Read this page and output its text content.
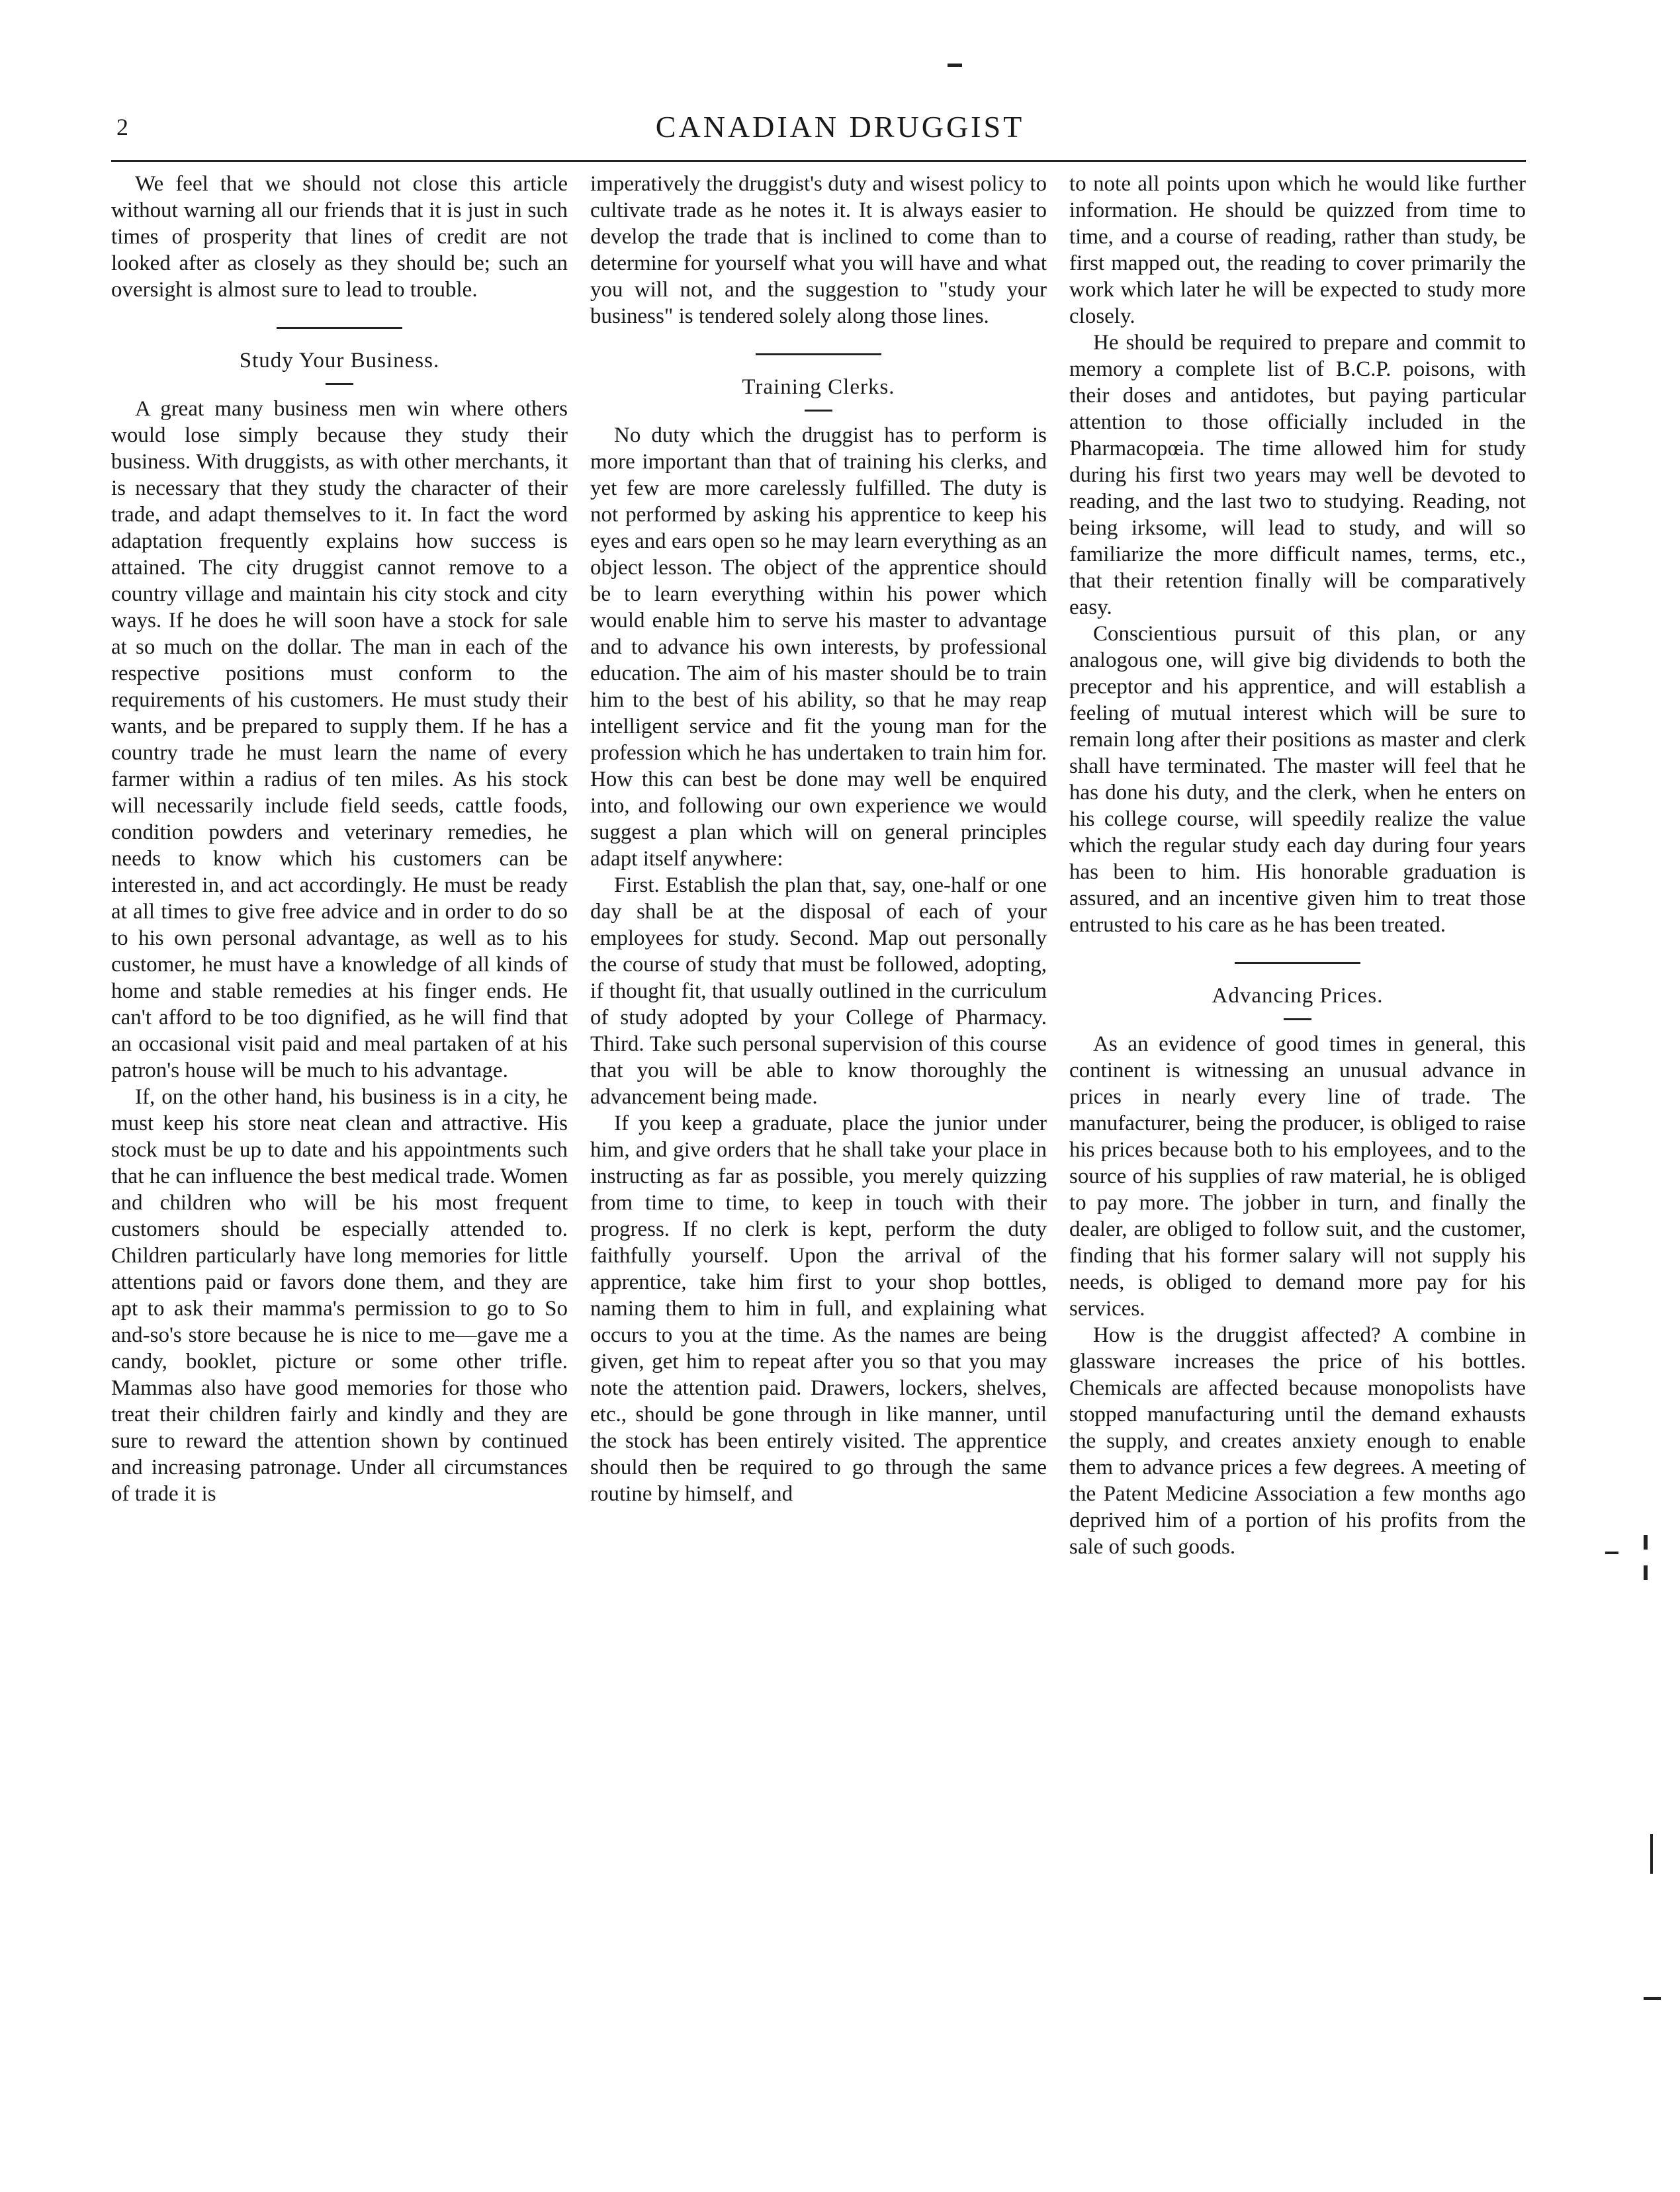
2	CANADIAN DRUGGIST

We feel that we should not close this article without warning all our friends that it is just in such times of prosperity that lines of credit are not looked after as closely as they should be; such an oversight is almost sure to lead to trouble.

Study Your Business.

A great many business men win where others would lose simply because they study their business. With druggists, as with other merchants, it is necessary that they study the character of their trade, and adapt themselves to it. In fact the word adaptation frequently explains how success is attained. The city druggist cannot remove to a country village and maintain his city stock and city ways. If he does he will soon have a stock for sale at so much on the dollar. The man in each of the respective positions must conform to the requirements of his customers. He must study their wants, and be prepared to supply them. If he has a country trade he must learn the name of every farmer within a radius of ten miles. As his stock will necessarily include field seeds, cattle foods, condition powders and veterinary remedies, he needs to know which his customers can be interested in, and act accordingly. He must be ready at all times to give free advice and in order to do so to his own personal advantage, as well as to his customer, he must have a knowledge of all kinds of home and stable remedies at his finger ends. He can't afford to be too dignified, as he will find that an occasional visit paid and meal partaken of at his patron's house will be much to his advantage.

If, on the other hand, his business is in a city, he must keep his store neat clean and attractive. His stock must be up to date and his appointments such that he can influence the best medical trade. Women and children who will be his most frequent customers should be especially attended to. Children particularly have long memories for little attentions paid or favors done them, and they are apt to ask their mamma's permission to go to So and-so's store because he is nice to me—gave me a candy, booklet, picture or some other trifle. Mammas also have good memories for those who treat their children fairly and kindly and they are sure to reward the attention shown by continued and increasing patronage. Under all circumstances of trade it is

imperatively the druggist's duty and wisest policy to cultivate trade as he notes it. It is always easier to develop the trade that is inclined to come than to determine for yourself what you will have and what you will not, and the suggestion to "study your business" is tendered solely along those lines.

Training Clerks.

No duty which the druggist has to perform is more important than that of training his clerks, and yet few are more carelessly fulfilled. The duty is not performed by asking his apprentice to keep his eyes and ears open so he may learn everything as an object lesson. The object of the apprentice should be to learn everything within his power which would enable him to serve his master to advantage and to advance his own interests, by professional education. The aim of his master should be to train him to the best of his ability, so that he may reap intelligent service and fit the young man for the profession which he has undertaken to train him for. How this can best be done may well be enquired into, and following our own experience we would suggest a plan which will on general principles adapt itself anywhere:

First. Establish the plan that, say, one-half or one day shall be at the disposal of each of your employees for study. Second. Map out personally the course of study that must be followed, adopting, if thought fit, that usually outlined in the curriculum of study adopted by your College of Pharmacy. Third. Take such personal supervision of this course that you will be able to know thoroughly the advancement being made.

If you keep a graduate, place the junior under him, and give orders that he shall take your place in instructing as far as possible, you merely quizzing from time to time, to keep in touch with their progress. If no clerk is kept, perform the duty faithfully yourself. Upon the arrival of the apprentice, take him first to your shop bottles, naming them to him in full, and explaining what occurs to you at the time. As the names are being given, get him to repeat after you so that you may note the attention paid. Drawers, lockers, shelves, etc., should be gone through in like manner, until the stock has been entirely visited. The apprentice should then be required to go through the same routine by himself, and

to note all points upon which he would like further information. He should be quizzed from time to time, and a course of reading, rather than study, be first mapped out, the reading to cover primarily the work which later he will be expected to study more closely.

He should be required to prepare and commit to memory a complete list of B.C.P. poisons, with their doses and antidotes, but paying particular attention to those officially included in the Pharmacopœia. The time allowed him for study during his first two years may well be devoted to reading, and the last two to studying. Reading, not being irksome, will lead to study, and will so familiarize the more difficult names, terms, etc., that their retention finally will be comparatively easy.

Conscientious pursuit of this plan, or any analogous one, will give big dividends to both the preceptor and his apprentice, and will establish a feeling of mutual interest which will be sure to remain long after their positions as master and clerk shall have terminated. The master will feel that he has done his duty, and the clerk, when he enters on his college course, will speedily realize the value which the regular study each day during four years has been to him. His honorable graduation is assured, and an incentive given him to treat those entrusted to his care as he has been treated.

Advancing Prices.

As an evidence of good times in general, this continent is witnessing an unusual advance in prices in nearly every line of trade. The manufacturer, being the producer, is obliged to raise his prices because both to his employees, and to the source of his supplies of raw material, he is obliged to pay more. The jobber in turn, and finally the dealer, are obliged to follow suit, and the customer, finding that his former salary will not supply his needs, is obliged to demand more pay for his services.

How is the druggist affected? A combine in glassware increases the price of his bottles. Chemicals are affected because monopolists have stopped manufacturing until the demand exhausts the supply, and creates anxiety enough to enable them to advance prices a few degrees. A meeting of the Patent Medicine Association a few months ago deprived him of a portion of his profits from the sale of such goods.
